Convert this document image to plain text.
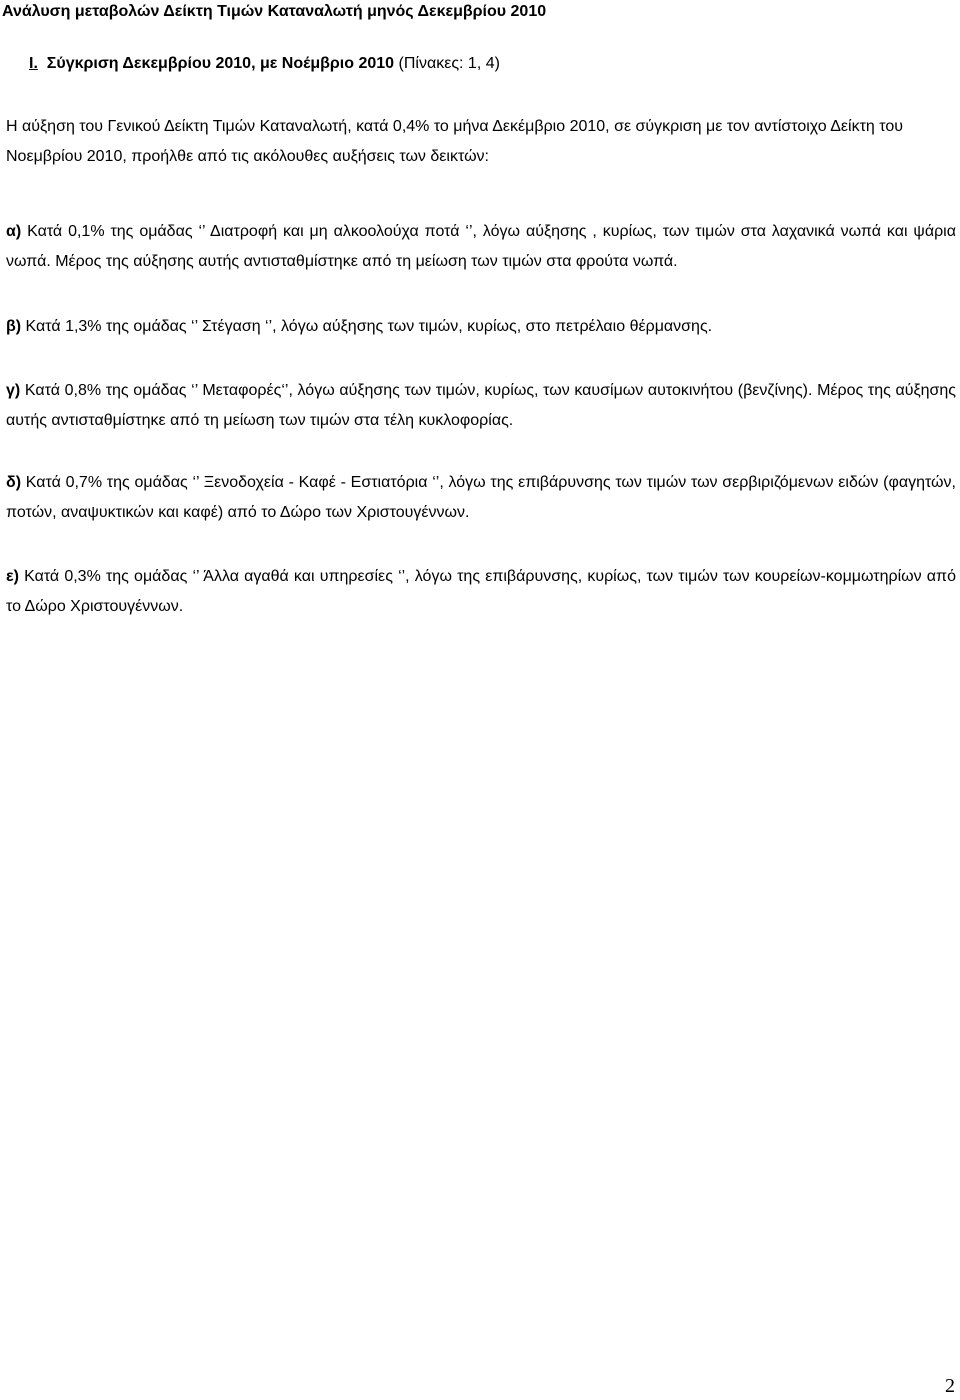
Ανάλυση μεταβολών Δείκτη Τιμών Καταναλωτή μηνός Δεκεμβρίου 2010
Ι. Σύγκριση Δεκεμβρίου 2010, με Νοέμβριο 2010 (Πίνακες: 1, 4)
Η αύξηση του Γενικού Δείκτη Τιμών Καταναλωτή, κατά 0,4% το μήνα Δεκέμβριο 2010, σε σύγκριση με τον αντίστοιχο Δείκτη του Νοεμβρίου 2010, προήλθε από τις ακόλουθες αυξήσεις των δεικτών:
α) Κατά 0,1% της ομάδας ‘’ Διατροφή και μη αλκοολούχα ποτά ‘’, λόγω αύξησης , κυρίως, των τιμών στα λαχανικά νωπά και ψάρια νωπά. Μέρος της αύξησης αυτής αντισταθμίστηκε από τη μείωση των τιμών στα φρούτα νωπά.
β) Κατά 1,3% της ομάδας ‘’ Στέγαση ‘’, λόγω αύξησης των τιμών, κυρίως, στο πετρέλαιο θέρμανσης.
γ) Κατά 0,8% της ομάδας ‘’ Μεταφορές‘’, λόγω αύξησης των τιμών, κυρίως, των καυσίμων αυτοκινήτου (βενζίνης). Μέρος της αύξησης αυτής αντισταθμίστηκε από τη μείωση των τιμών στα τέλη κυκλοφορίας.
δ) Κατά 0,7% της ομάδας ‘’ Ξενοδοχεία - Καφέ - Εστιατόρια ‘’, λόγω της επιβάρυνσης των τιμών των σερβιριζόμενων ειδών (φαγητών, ποτών, αναψυκτικών και καφέ) από το Δώρο των Χριστουγέννων.
ε) Κατά 0,3% της ομάδας ‘’ Άλλα αγαθά και υπηρεσίες ‘’, λόγω της επιβάρυνσης, κυρίως, των τιμών των κουρείων-κομμωτηρίων από το Δώρο Χριστουγέννων.
2
